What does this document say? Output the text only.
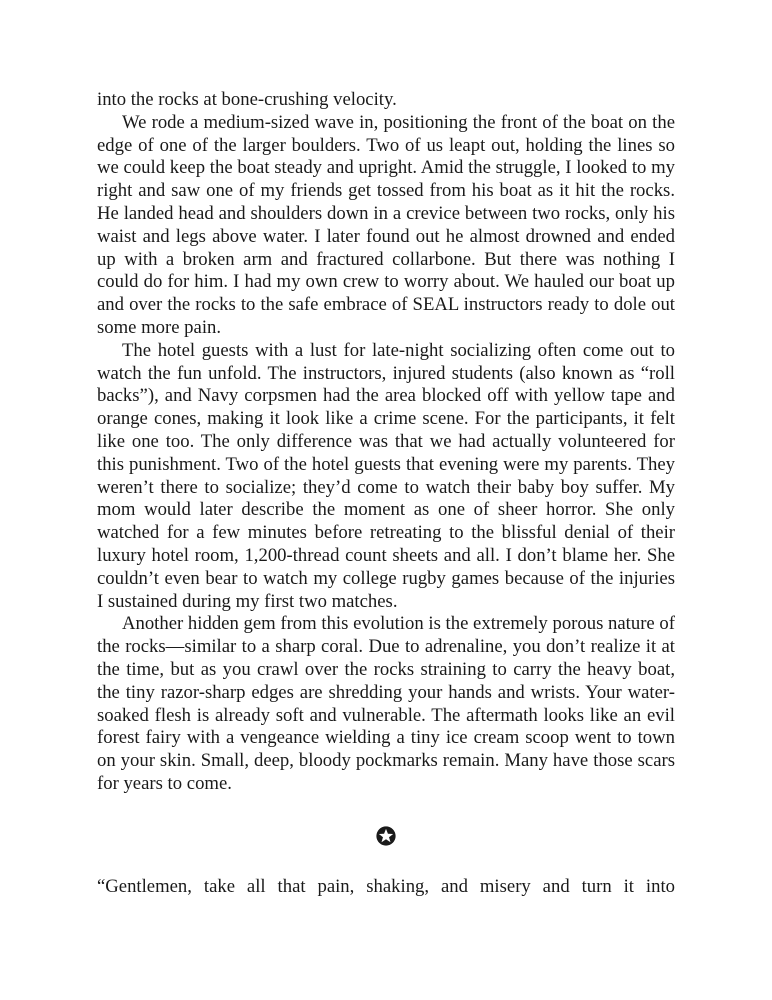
into the rocks at bone-crushing velocity.

We rode a medium-sized wave in, positioning the front of the boat on the edge of one of the larger boulders. Two of us leapt out, holding the lines so we could keep the boat steady and upright. Amid the struggle, I looked to my right and saw one of my friends get tossed from his boat as it hit the rocks. He landed head and shoulders down in a crevice between two rocks, only his waist and legs above water. I later found out he almost drowned and ended up with a broken arm and fractured collarbone. But there was nothing I could do for him. I had my own crew to worry about. We hauled our boat up and over the rocks to the safe embrace of SEAL instructors ready to dole out some more pain.

The hotel guests with a lust for late-night socializing often come out to watch the fun unfold. The instructors, injured students (also known as “roll backs”), and Navy corpsmen had the area blocked off with yellow tape and orange cones, making it look like a crime scene. For the participants, it felt like one too. The only difference was that we had actually volunteered for this punishment. Two of the hotel guests that evening were my parents. They weren’t there to socialize; they’d come to watch their baby boy suffer. My mom would later describe the moment as one of sheer horror. She only watched for a few minutes before retreating to the blissful denial of their luxury hotel room, 1,200-thread count sheets and all. I don’t blame her. She couldn’t even bear to watch my college rugby games because of the injuries I sustained during my first two matches.

Another hidden gem from this evolution is the extremely porous nature of the rocks—similar to a sharp coral. Due to adrenaline, you don’t realize it at the time, but as you crawl over the rocks straining to carry the heavy boat, the tiny razor-sharp edges are shredding your hands and wrists. Your water-soaked flesh is already soft and vulnerable. The aftermath looks like an evil forest fairy with a vengeance wielding a tiny ice cream scoop went to town on your skin. Small, deep, bloody pockmarks remain. Many have those scars for years to come.

“Gentlemen, take all that pain, shaking, and misery and turn it into
